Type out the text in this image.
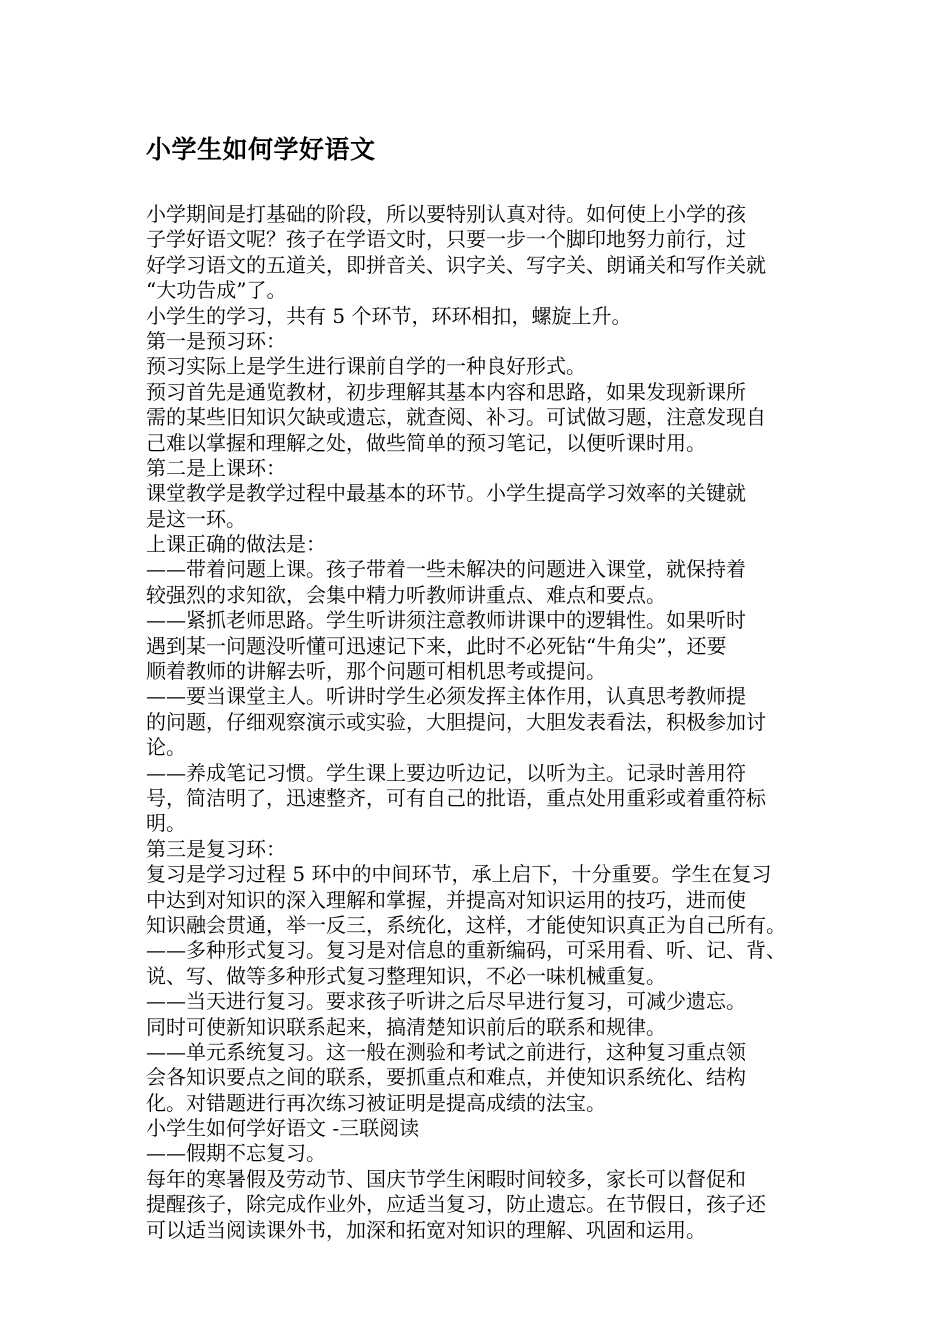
小学生如何学好语文
小学期间是打基础的阶段，所以要特别认真对待。如何使上小学的孩
子学好语文呢？孩子在学语文时，只要一步一个脚印地努力前行，过
好学习语文的五道关，即拼音关、识字关、写字关、朗诵关和写作关就
“大功告成”了。
小学生的学习，共有 5 个环节，环环相扣，螺旋上升。
第一是预习环：
预习实际上是学生进行课前自学的一种良好形式。
预习首先是通览教材，初步理解其基本内容和思路，如果发现新课所
需的某些旧知识欠缺或遗忘，就查阅、补习。可试做习题，注意发现自
己难以掌握和理解之处，做些简单的预习笔记，以便听课时用。
第二是上课环：
课堂教学是教学过程中最基本的环节。小学生提高学习效率的关键就
是这一环。
上课正确的做法是：
——带着问题上课。孩子带着一些未解决的问题进入课堂，就保持着
较强烈的求知欲，会集中精力听教师讲重点、难点和要点。
——紧抓老师思路。学生听讲须注意教师讲课中的逻辑性。如果听时
遇到某一问题没听懂可迅速记下来，此时不必死钻“牛角尖”，还要
顺着教师的讲解去听，那个问题可相机思考或提问。
——要当课堂主人。听讲时学生必须发挥主体作用，认真思考教师提
的问题，仔细观察演示或实验，大胆提问，大胆发表看法，积极参加讨
论。
——养成笔记习惯。学生课上要边听边记，以听为主。记录时善用符
号，简洁明了，迅速整齐，可有自己的批语，重点处用重彩或着重符标
明。
第三是复习环：
复习是学习过程 5 环中的中间环节，承上启下，十分重要。学生在复习
中达到对知识的深入理解和掌握，并提高对知识运用的技巧，进而使
知识融会贯通，举一反三，系统化，这样，才能使知识真正为自己所有。
——多种形式复习。复习是对信息的重新编码，可采用看、听、记、背、
说、写、做等多种形式复习整理知识，不必一味机械重复。
——当天进行复习。要求孩子听讲之后尽早进行复习，可减少遗忘。
同时可使新知识联系起来，搞清楚知识前后的联系和规律。
——单元系统复习。这一般在测验和考试之前进行，这种复习重点领
会各知识要点之间的联系，要抓重点和难点，并使知识系统化、结构
化。对错题进行再次练习被证明是提高成绩的法宝。
小学生如何学好语文 -三联阅读
——假期不忘复习。
每年的寒暑假及劳动节、国庆节学生闲暇时间较多，家长可以督促和
提醒孩子，除完成作业外，应适当复习，防止遗忘。在节假日，孩子还
可以适当阅读课外书，加深和拓宽对知识的理解、巩固和运用。
